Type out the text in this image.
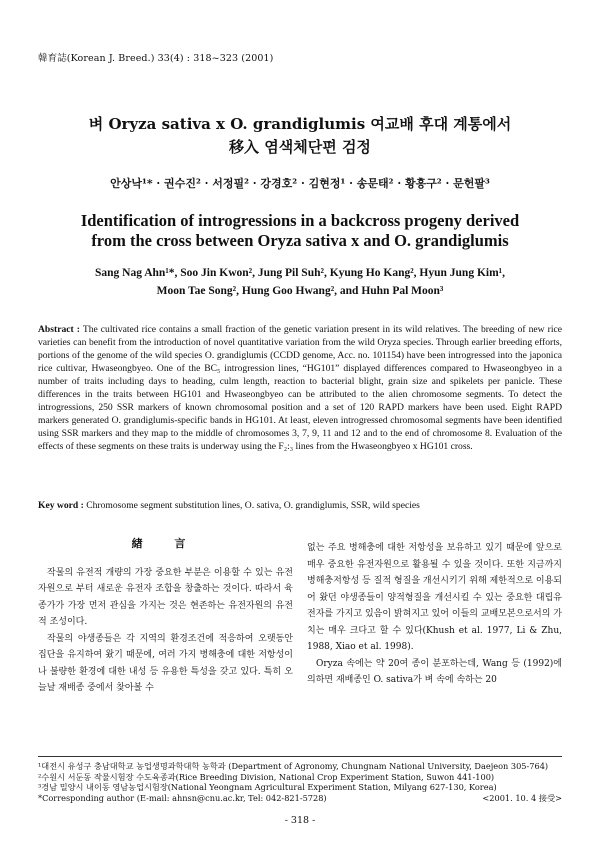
韓育誌(Korean J. Breed.) 33(4) : 318~323 (2001)
벼 Oryza sativa x O. grandiglumis 여교배 후대 계통에서
移入 염색체단편 검정
안상낙¹* · 권수진² · 서정필² · 강경호² · 김현정¹ · 송문태² · 황흥구² · 문헌팔³
Identification of introgressions in a backcross progeny derived
from the cross between Oryza sativa x and O. grandiglumis
Sang Nag Ahn¹*, Soo Jin Kwon², Jung Pil Suh², Kyung Ho Kang², Hyun Jung Kim¹,
Moon Tae Song², Hung Goo Hwang², and Huhn Pal Moon³
Abstract : The cultivated rice contains a small fraction of the genetic variation present in its wild relatives. The breeding of new rice varieties can benefit from the introduction of novel quantitative variation from the wild Oryza species. Through earlier breeding efforts, portions of the genome of the wild species O. grandiglumis (CCDD genome, Acc. no. 101154) have been introgressed into the japonica rice cultivar, Hwaseongbyeo. One of the BC₅ introgression lines, “HG101” displayed differences compared to Hwaseongbyeo in a number of traits including days to heading, culm length, reaction to bacterial blight, grain size and spikelets per panicle. These differences in the traits between HG101 and Hwaseongbyeo can be attributed to the alien chromosome segments. To detect the introgressions, 250 SSR markers of known chromosomal position and a set of 120 RAPD markers have been used. Eight RAPD markers generated O. grandiglumis-specific bands in HG101. At least, eleven introgressed chromosomal segments have been identified using SSR markers and they map to the middle of chromosomes 3, 7, 9, 11 and 12 and to the end of chromosome 8. Evaluation of the effects of these segments on these traits is underway using the F₂:₃ lines from the Hwaseongbyeo x HG101 cross.
Key word : Chromosome segment substitution lines, O. sativa, O. grandiglumis, SSR, wild species
緖 言

작물의 유전적 개량의 가장 중요한 부분은 이용할 수 있는 유전자원으로 부터 새로운 유전자 조합을 창출하는 것이다. 따라서 육종가가 가장 먼저 관심을 가지는 것은 현존하는 유전자원의 유전적 조성이다.

작물의 야생종들은 각 지역의 환경조건에 적응하여 오랫동안 집단을 유지하여 왔기 때문에, 여러 가지 병해충에 대한 저항성이나 불량한 환경에 대한 내성 등 유용한 특성을 갖고 있다. 특히 오늘날 재배종 중에서 찾아볼 수

없는 주요 병해충에 대한 저항성을 보유하고 있기 때문에 앞으로 매우 중요한 유전자원으로 활용될 수 있을 것이다. 또한 지금까지 병해충저항성 등 질적 형질을 개선시키기 위해 제한적으로 이용되어 왔던 야생종들이 양적형질을 개선시킬 수 있는 중요한 대립유전자를 가지고 있음이 밝혀지고 있어 이들의 교배모본으로서의 가치는 매우 크다고 할 수 있다(Khush et al. 1977, Li & Zhu, 1988, Xiao et al. 1998).

Oryza 속에는 약 20여 종이 분포하는데, Wang 등 (1992)에 의하면 재배종인 O. sativa가 벼 속에 속하는 20

¹대전시 유성구 충남대학교 농업생명과학대학 농학과 (Department of Agronomy, Chungnam National University, Daejeon 305-764)
²수원시 서둔동 작물시험장 수도육종과(Rice Breeding Division, National Crop Experiment Station, Suwon 441-100)
³경남 밀양시 내이동 영남농업시험장(National Yeongnam Agricultural Experiment Station, Milyang 627-130, Korea)
*Corresponding author (E-mail: ahnsn@cnu.ac.kr, Tel: 042-821-5728)	<2001. 10. 4 接受>
- 318 -
